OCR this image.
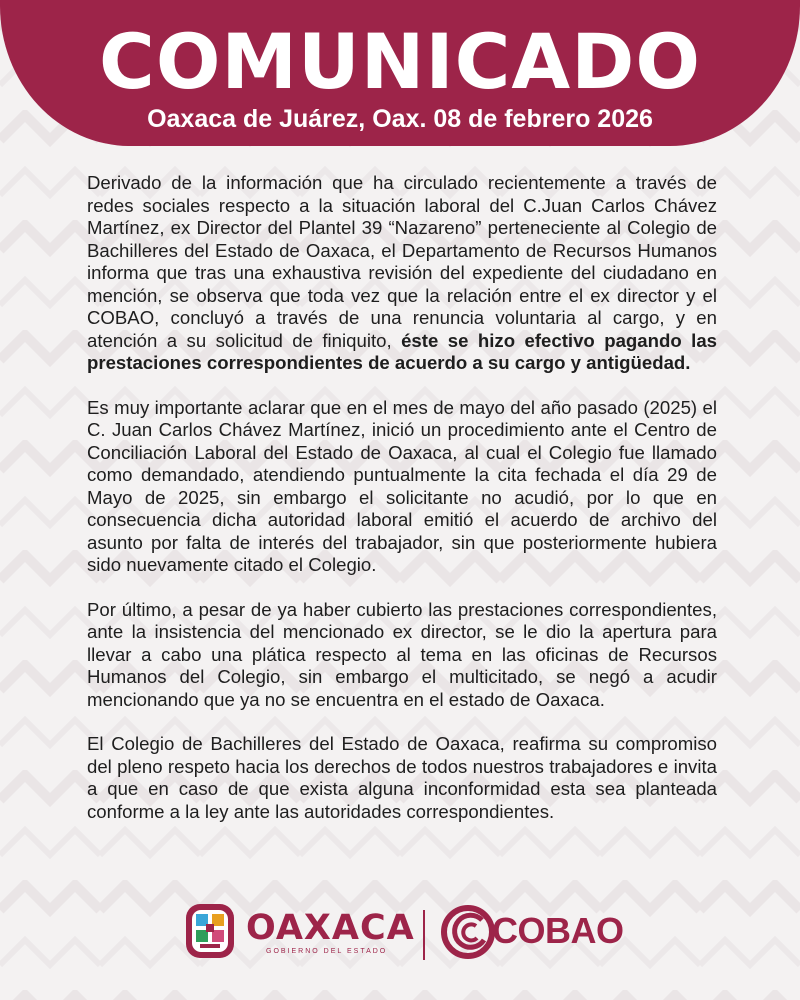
COMUNICADO
Oaxaca de Juárez, Oax. 08 de febrero 2026

Derivado de la información que ha circulado recientemente a través de redes sociales respecto a la situación laboral del C.Juan Carlos Chávez Martínez, ex Director del Plantel 39 “Nazareno” perteneciente al Colegio de Bachilleres del Estado de Oaxaca, el Departamento de Recursos Humanos informa que tras una exhaustiva revisión del expediente del ciudadano en mención, se observa que toda vez que la relación entre el ex director y el COBAO, concluyó a través de una renuncia voluntaria al cargo, y en atención a su solicitud de finiquito, éste se hizo efectivo pagando las prestaciones correspondientes de acuerdo a su cargo y antigüedad.

Es muy importante aclarar que en el mes de mayo del año pasado (2025) el C. Juan Carlos Chávez Martínez, inició un procedimiento ante el Centro de Conciliación Laboral del Estado de Oaxaca, al cual el Colegio fue llamado como demandado, atendiendo puntualmente la cita fechada el día 29 de Mayo de 2025, sin embargo el solicitante no acudió, por lo que en consecuencia dicha autoridad laboral emitió el acuerdo de archivo del asunto por falta de interés del trabajador, sin que posteriormente hubiera sido nuevamente citado el Colegio.

Por último, a pesar de ya haber cubierto las prestaciones correspondientes, ante la insistencia del mencionado ex director, se le dio la apertura para llevar a cabo una plática respecto al tema en las oficinas de Recursos Humanos del Colegio, sin embargo el multicitado, se negó a acudir mencionando que ya no se encuentra en el estado de Oaxaca.

El Colegio de Bachilleres del Estado de Oaxaca, reafirma su compromiso del pleno respeto hacia los derechos de todos nuestros trabajadores e invita a que en caso de que exista alguna inconformidad esta sea planteada conforme a la ley ante las autoridades correspondientes.

OAXACA
GOBIERNO DEL ESTADO
COBAO
